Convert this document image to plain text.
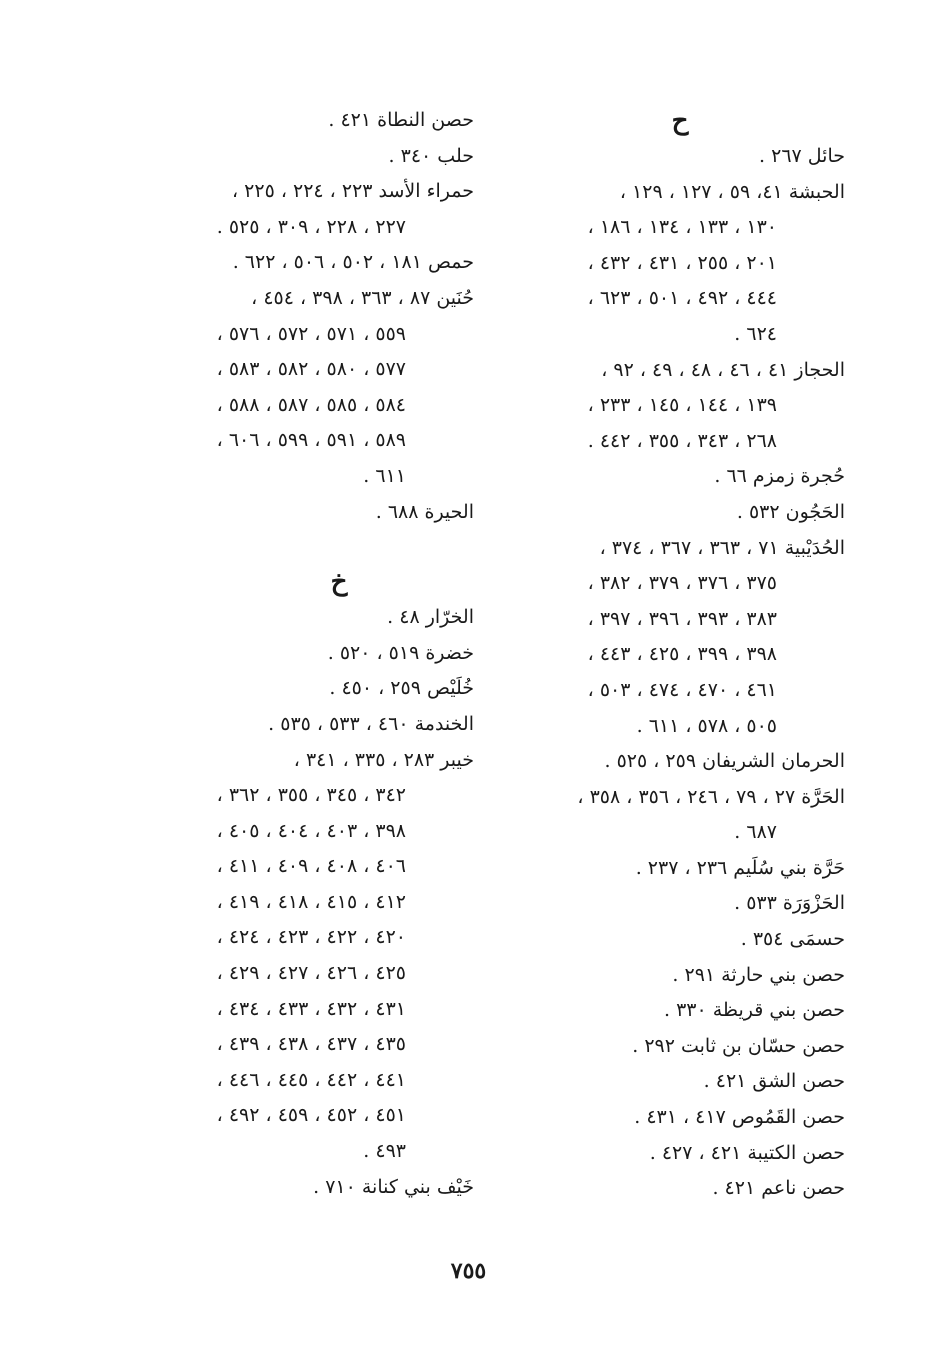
ح
حائل ٢٦٧ .
الحبشة ٤١، ٥٩ ، ١٢٧ ، ١٢٩ ،
١٣٠ ، ١٣٣ ، ١٣٤ ، ١٨٦ ،
٢٠١ ، ٢٥٥ ، ٤٣١ ، ٤٣٢ ،
٤٤٤ ، ٤٩٢ ، ٥٠١ ، ٦٢٣ ،
٦٢٤ .
الحجاز ٤١ ، ٤٦ ، ٤٨ ، ٤٩ ، ٩٢ ،
١٣٩ ، ١٤٤ ، ١٤٥ ، ٢٣٣ ،
٢٦٨ ، ٣٤٣ ، ٣٥٥ ، ٤٤٢ .
حُجرة زمزم ٦٦ .
الحَجُون ٥٣٢ .
الحُدَيْبية ٧١ ، ٣٦٣ ، ٣٦٧ ، ٣٧٤ ،
٣٧٥ ، ٣٧٦ ، ٣٧٩ ، ٣٨٢ ،
٣٨٣ ، ٣٩٣ ، ٣٩٦ ، ٣٩٧ ،
٣٩٨ ، ٣٩٩ ، ٤٢٥ ، ٤٤٣ ،
٤٦١ ، ٤٧٠ ، ٤٧٤ ، ٥٠٣ ،
٥٠٥ ، ٥٧٨ ، ٦١١ .
الحرمان الشريفان ٢٥٩ ، ٥٢٥ .
الحَرَّة ٢٧ ، ٧٩ ، ٢٤٦ ، ٣٥٦ ، ٣٥٨ ،
٦٨٧ .
حَرَّة بني سُلَيم ٢٣٦ ، ٢٣٧ .
الحَزْوَرَة ٥٣٣ .
حسمَى ٣٥٤ .
حصن بني حارثة ٢٩١ .
حصن بني قريظة ٣٣٠ .
حصن حسّان بن ثابت ٢٩٢ .
حصن الشق ٤٢١ .
حصن القَمُوص ٤١٧ ، ٤٣١ .
حصن الكتيبة ٤٢١ ، ٤٢٧ .
حصن ناعم ٤٢١ .
حصن النطاة ٤٢١ .
حلب ٣٤٠ .
حمراء الأسد ٢٢٣ ، ٢٢٤ ، ٢٢٥ ،
٢٢٧ ، ٢٢٨ ، ٣٠٩ ، ٥٢٥ .
حمص ١٨١ ، ٥٠٢ ، ٥٠٦ ، ٦٢٢ .
حُنَين ٨٧ ، ٣٦٣ ، ٣٩٨ ، ٤٥٤ ،
٥٥٩ ، ٥٧١ ، ٥٧٢ ، ٥٧٦ ،
٥٧٧ ، ٥٨٠ ، ٥٨٢ ، ٥٨٣ ،
٥٨٤ ، ٥٨٥ ، ٥٨٧ ، ٥٨٨ ،
٥٨٩ ، ٥٩١ ، ٥٩٩ ، ٦٠٦ ،
٦١١ .
الحيرة ٦٨٨ .
خ
الخرّار ٤٨ .
خضرة ٥١٩ ، ٥٢٠ .
خُلَيْص ٢٥٩ ، ٤٥٠ .
الخندمة ٤٦٠ ، ٥٣٣ ، ٥٣٥ .
خيبر ٢٨٣ ، ٣٣٥ ، ٣٤١ ،
٣٤٢ ، ٣٤٥ ، ٣٥٥ ، ٣٦٢ ،
٣٩٨ ، ٤٠٣ ، ٤٠٤ ، ٤٠٥ ،
٤٠٦ ، ٤٠٨ ، ٤٠٩ ، ٤١١ ،
٤١٢ ، ٤١٥ ، ٤١٨ ، ٤١٩ ،
٤٢٠ ، ٤٢٢ ، ٤٢٣ ، ٤٢٤ ،
٤٢٥ ، ٤٢٦ ، ٤٢٧ ، ٤٢٩ ،
٤٣١ ، ٤٣٢ ، ٤٣٣ ، ٤٣٤ ،
٤٣٥ ، ٤٣٧ ، ٤٣٨ ، ٤٣٩ ،
٤٤١ ، ٤٤٢ ، ٤٤٥ ، ٤٤٦ ،
٤٥١ ، ٤٥٢ ، ٤٥٩ ، ٤٩٢ ،
٤٩٣ .
خَيْف بني كنانة ٧١٠ .
٧٥٥
